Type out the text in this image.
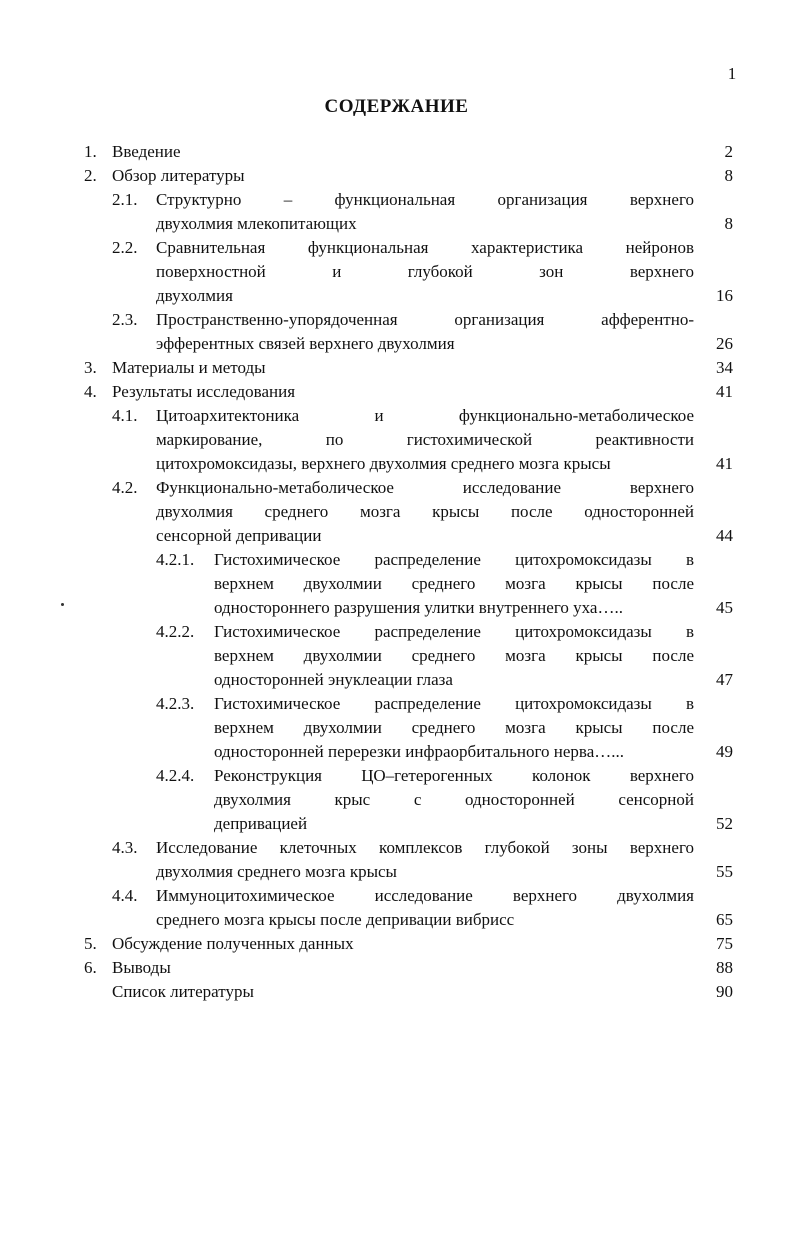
1
СОДЕРЖАНИЕ
1. Введение	2
2. Обзор литературы	8
2.1. Структурно – функциональная организация верхнего
двухолмия млекопитающих	8
2.2. Сравнительная функциональная характеристика нейронов
поверхностной и глубокой зон верхнего
двухолмия	16
2.3. Пространственно-упорядоченная организация афферентно-
эфферентных связей верхнего двухолмия	26
3. Материалы и методы	34
4. Результаты исследования	41
4.1. Цитоархитектоника и функционально-метаболическое
маркирование, по гистохимической реактивности
цитохромоксидазы, верхнего двухолмия среднего мозга крысы	41
4.2. Функционально-метаболическое исследование верхнего
двухолмия среднего мозга крысы после односторонней
сенсорной депривации	44
4.2.1. Гистохимическое распределение цитохромоксидазы в
верхнем двухолмии среднего мозга крысы после
одностороннего разрушения улитки внутреннего уха…..	45
4.2.2. Гистохимическое распределение цитохромоксидазы в
верхнем двухолмии среднего мозга крысы после
односторонней энуклеации глаза	47
4.2.3. Гистохимическое распределение цитохромоксидазы в
верхнем двухолмии среднего мозга крысы после
односторонней перерезки инфраорбитального нерва…...	49
4.2.4. Реконструкция ЦО–гетерогенных колонок верхнего
двухолмия крыс с односторонней сенсорной
депривацией	52
4.3. Исследование клеточных комплексов глубокой зоны верхнего
двухолмия среднего мозга крысы	55
4.4. Иммуноцитохимическое исследование верхнего двухолмия
среднего мозга крысы после депривации вибрисс	65
5. Обсуждение полученных данных	75
6. Выводы	88
Список литературы	90
